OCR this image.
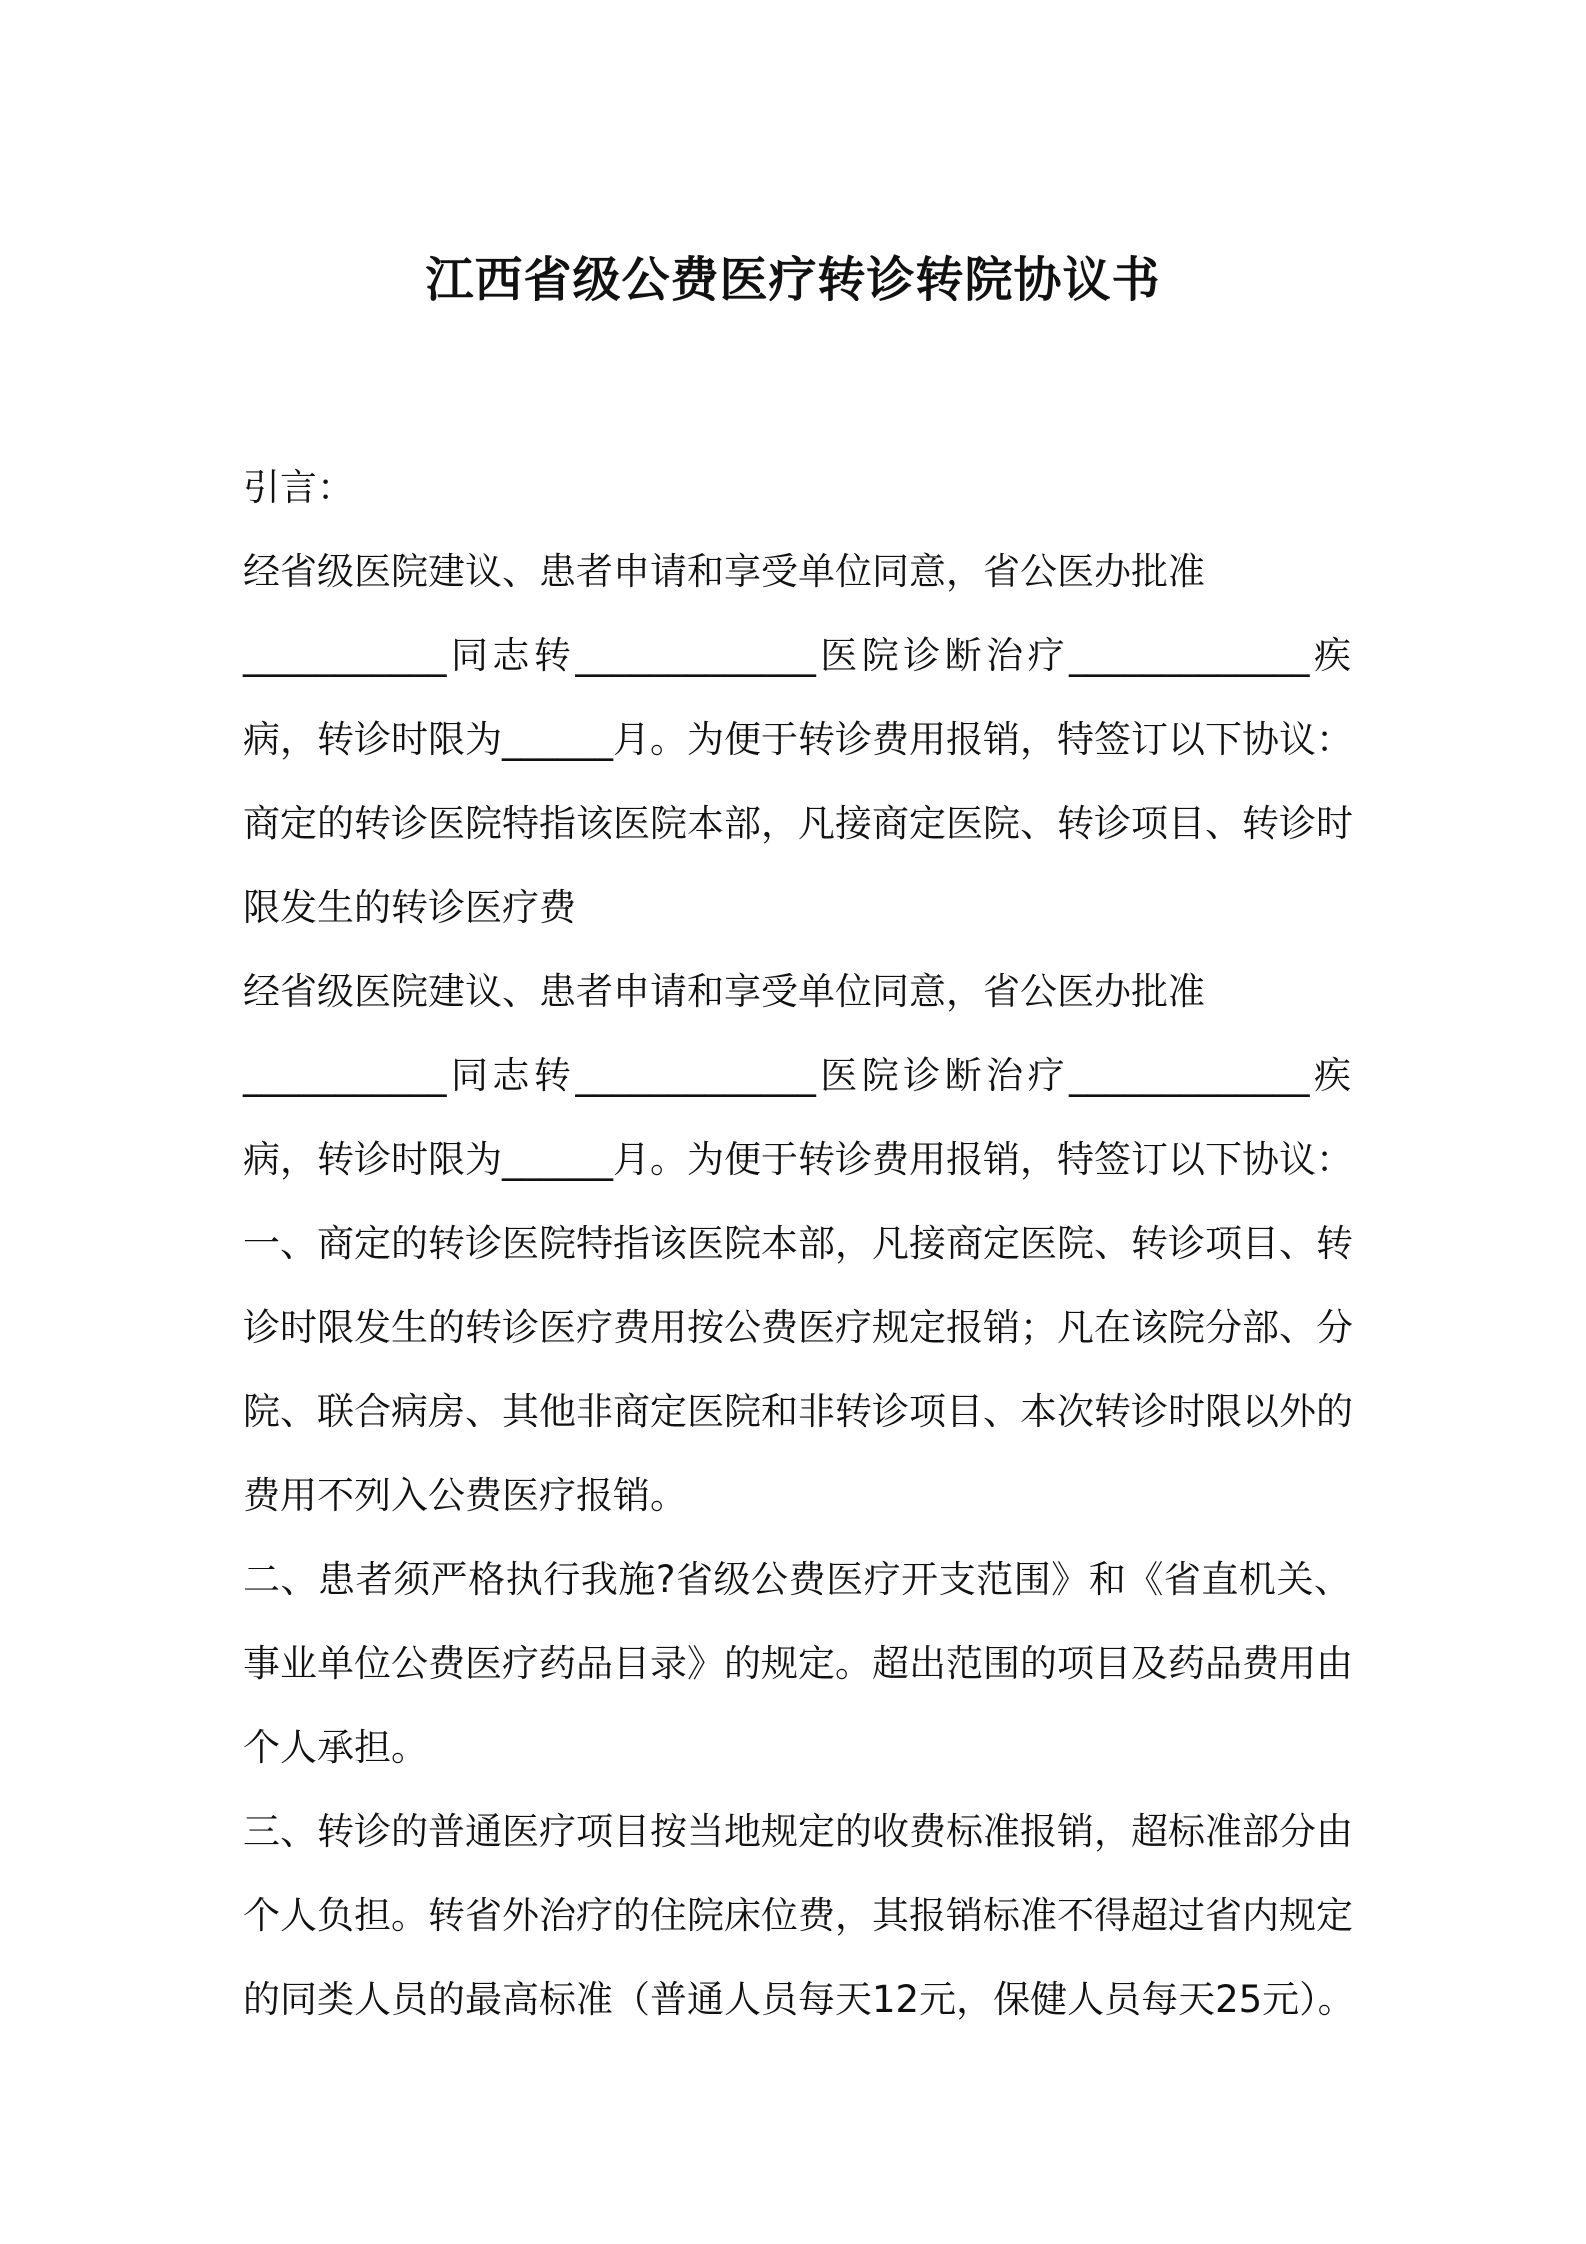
江西省级公费医疗转诊转院协议书
引言：
经省级医院建议、患者申请和享受单位同意，省公医办批准
___________同志转_____________医院诊断治疗_____________疾
病，转诊时限为______月。为便于转诊费用报销，特签订以下协议：
商定的转诊医院特指该医院本部，凡接商定医院、转诊项目、转诊时
限发生的转诊医疗费
经省级医院建议、患者申请和享受单位同意，省公医办批准
___________同志转_____________医院诊断治疗_____________疾
病，转诊时限为______月。为便于转诊费用报销，特签订以下协议：
一、商定的转诊医院特指该医院本部，凡接商定医院、转诊项目、转
诊时限发生的转诊医疗费用按公费医疗规定报销；凡在该院分部、分
院、联合病房、其他非商定医院和非转诊项目、本次转诊时限以外的
费用不列入公费医疗报销。
二、患者须严格执行我施?省级公费医疗开支范围》和《省直机关、
事业单位公费医疗药品目录》的规定。超出范围的项目及药品费用由
个人承担。
三、转诊的普通医疗项目按当地规定的收费标准报销，超标准部分由
个人负担。转省外治疗的住院床位费，其报销标准不得超过省内规定
的同类人员的最高标准（普通人员每天12元，保健人员每天25元）。
